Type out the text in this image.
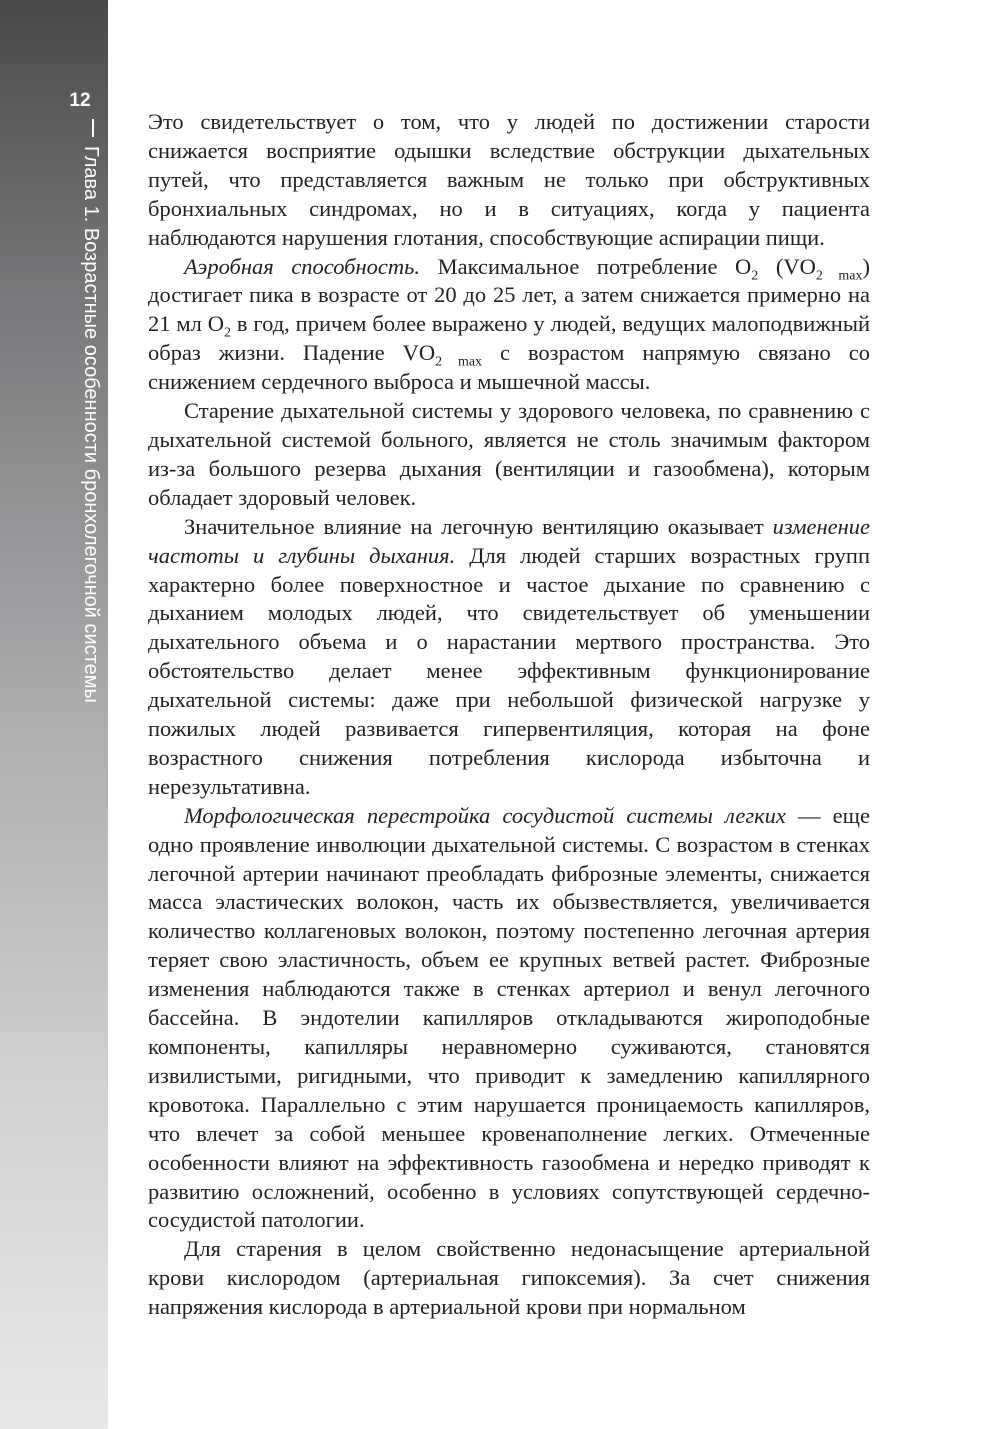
12
Глава 1. Возрастные особенности бронхолегочной системы

Это свидетельствует о том, что у людей по достижении старости снижается восприятие одышки вследствие обструкции дыхательных путей, что представляется важным не только при обструктивных бронхиальных синдромах, но и в ситуациях, когда у пациента наблюдаются нарушения глотания, способствующие аспирации пищи.

Аэробная способность. Максимальное потребление $O_2$ $(VO_{2 max})$ достигает пика в возрасте от 20 до 25 лет, а затем снижается примерно на 21 мл $O_2$ в год, причем более выражено у людей, ведущих малоподвижный образ жизни. Падение $VO_{2 max}$ с возрастом напрямую связано со снижением сердечного выброса и мышечной массы.

Старение дыхательной системы у здорового человека, по сравнению с дыхательной системой больного, является не столь значимым фактором из-за большого резерва дыхания (вентиляции и газообмена), которым обладает здоровый человек.

Значительное влияние на легочную вентиляцию оказывает изменение частоты и глубины дыхания. Для людей старших возрастных групп характерно более поверхностное и частое дыхание по сравнению с дыханием молодых людей, что свидетельствует об уменьшении дыхательного объема и о нарастании мертвого пространства. Это обстоятельство делает менее эффективным функционирование дыхательной системы: даже при небольшой физической нагрузке у пожилых людей развивается гипервентиляция, которая на фоне возрастного снижения потребления кислорода избыточна и нерезультативна.

Морфологическая перестройка сосудистой системы легких — еще одно проявление инволюции дыхательной системы. С возрастом в стенках легочной артерии начинают преобладать фиброзные элементы, снижается масса эластических волокон, часть их обызвествляется, увеличивается количество коллагеновых волокон, поэтому постепенно легочная артерия теряет свою эластичность, объем ее крупных ветвей растет. Фиброзные изменения наблюдаются также в стенках артериол и венул легочного бассейна. В эндотелии капилляров откладываются жироподобные компоненты, капилляры неравномерно суживаются, становятся извилистыми, ригидными, что приводит к замедлению капиллярного кровотока. Параллельно с этим нарушается проницаемость капилляров, что влечет за собой меньшее кровенаполнение легких. Отмеченные особенности влияют на эффективность газообмена и нередко приводят к развитию осложнений, особенно в условиях сопутствующей сердечно-сосудистой патологии.

Для старения в целом свойственно недонасыщение артериальной крови кислородом (артериальная гипоксемия). За счет снижения напряжения кислорода в артериальной крови при нормальном
